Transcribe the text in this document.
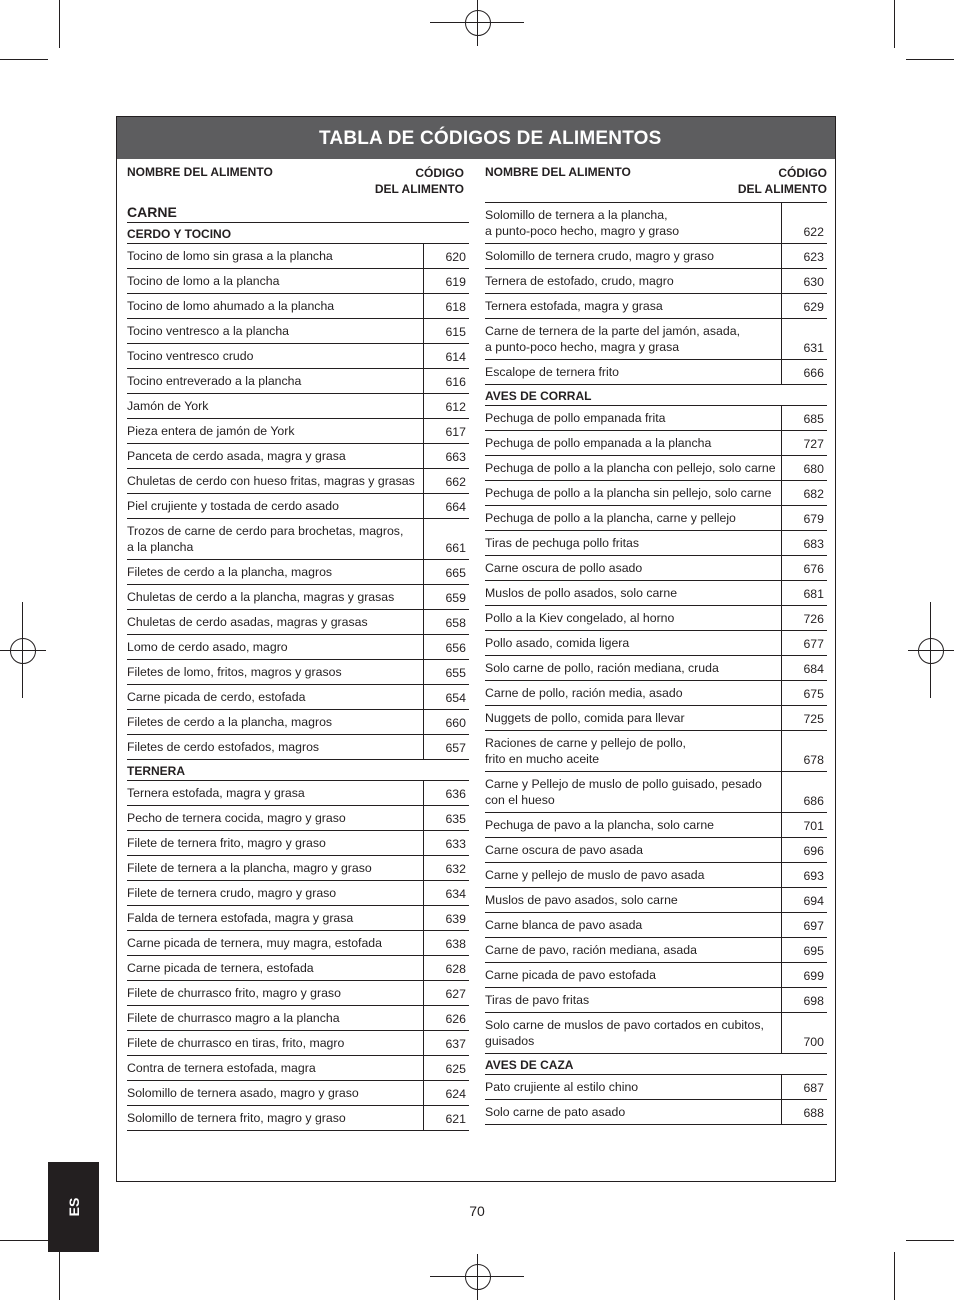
TABLA DE CÓDIGOS DE ALIMENTOS
NOMBRE DEL ALIMENTO	CÓDIGO
DEL ALIMENTO
CARNE
CERDO Y TOCINO
Tocino de lomo sin grasa a la plancha	620
Tocino de lomo a la plancha	619
Tocino de lomo ahumado a la plancha	618
Tocino ventresco a la plancha	615
Tocino ventresco crudo	614
Tocino entreverado a la plancha	616
Jamón de York	612
Pieza entera de jamón de York	617
Panceta de cerdo asada, magra y grasa	663
Chuletas de cerdo con hueso fritas, magras y grasas	662
Piel crujiente y tostada de cerdo asado	664
Trozos de carne de cerdo para brochetas, magros,
a la plancha	661
Filetes de cerdo a la plancha, magros	665
Chuletas de cerdo a la plancha, magras y grasas	659
Chuletas de cerdo asadas, magras y grasas	658
Lomo de cerdo asado, magro	656
Filetes de lomo, fritos, magros y grasos	655
Carne picada de cerdo, estofada	654
Filetes de cerdo a la plancha, magros	660
Filetes de cerdo estofados, magros	657
TERNERA
Ternera estofada, magra y grasa	636
Pecho de ternera cocida, magro y graso	635
Filete de ternera frito, magro y graso	633
Filete de ternera a la plancha, magro y graso	632
Filete de ternera crudo, magro y graso	634
Falda de ternera estofada, magra y grasa	639
Carne picada de ternera, muy magra, estofada	638
Carne picada de ternera, estofada	628
Filete de churrasco frito, magro y graso	627
Filete de churrasco magro a la plancha	626
Filete de churrasco en tiras, frito, magro	637
Contra de ternera estofada, magra	625
Solomillo de ternera asado, magro y graso	624
Solomillo de ternera frito, magro y graso	621
NOMBRE DEL ALIMENTO	CÓDIGO
DEL ALIMENTO
Solomillo de ternera a la plancha,
a punto-poco hecho, magro y graso	622
Solomillo de ternera crudo, magro y graso	623
Ternera de estofado, crudo, magro	630
Ternera estofada, magra y grasa	629
Carne de ternera de la parte del jamón, asada,
a punto-poco hecho, magra y grasa	631
Escalope de ternera frito	666
AVES DE CORRAL
Pechuga de pollo empanada frita	685
Pechuga de pollo empanada a la plancha	727
Pechuga de pollo a la plancha con pellejo, solo carne	680
Pechuga de pollo a la plancha sin pellejo, solo carne	682
Pechuga de pollo a la plancha, carne y pellejo	679
Tiras de pechuga pollo fritas	683
Carne oscura de pollo asado	676
Muslos de pollo asados, solo carne	681
Pollo a la Kiev congelado, al horno	726
Pollo asado, comida ligera	677
Solo carne de pollo, ración mediana, cruda	684
Carne de pollo, ración media, asado	675
Nuggets de pollo, comida para llevar	725
Raciones de carne y pellejo de pollo,
frito en mucho aceite	678
Carne y Pellejo de muslo de pollo guisado, pesado
con el hueso	686
Pechuga de pavo a la plancha, solo carne	701
Carne oscura de pavo asada	696
Carne y pellejo de muslo de pavo asada	693
Muslos de pavo asados, solo carne	694
Carne blanca de pavo asada	697
Carne de pavo, ración mediana, asada	695
Carne picada de pavo estofada	699
Tiras de pavo fritas	698
Solo carne de muslos de pavo cortados en cubitos,
guisados	700
AVES DE CAZA
Pato crujiente al estilo chino	687
Solo carne de pato asado	688
ES	70
